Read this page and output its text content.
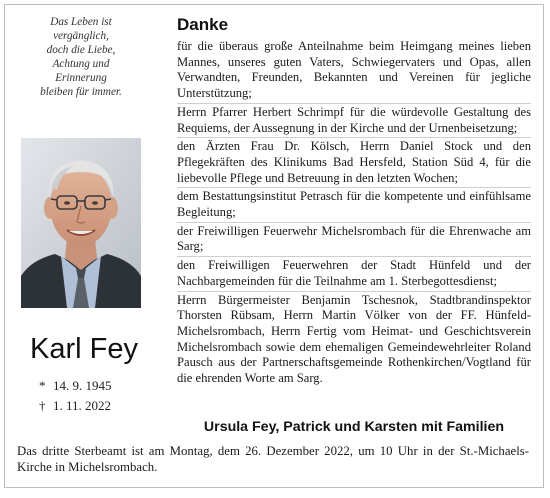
Das Leben ist
vergänglich,
doch die Liebe,
Achtung und
Erinnerung
bleiben für immer.
Karl Fey
* 14. 9. 1945
† 1. 11. 2022
Danke

für die überaus große Anteilnahme beim Heimgang meines lieben Mannes, unseres guten Vaters, Schwiegervaters und Opas, allen Verwandten, Freunden, Bekannten und Vereinen für jegliche Unterstützung;

Herrn Pfarrer Herbert Schrimpf für die würdevolle Gestaltung des Requiems, der Aussegnung in der Kirche und der Urnenbeisetzung;

den Ärzten Frau Dr. Kölsch, Herrn Daniel Stock und den Pflegekräften des Klinikums Bad Hersfeld, Station Süd 4, für die liebevolle Pflege und Betreuung in den letzten Wochen;

dem Bestattungsinstitut Petrasch für die kompetente und einfühlsame Begleitung;

der Freiwilligen Feuerwehr Michelsrombach für die Ehrenwache am Sarg;

den Freiwilligen Feuerwehren der Stadt Hünfeld und der Nachbargemeinden für die Teilnahme am 1. Sterbegottesdienst;

Herrn Bürgermeister Benjamin Tschesnok, Stadtbrandinspektor Thorsten Rübsam, Herrn Martin Völker von der FF. Hünfeld-Michelsrombach, Herrn Fertig vom Heimat- und Geschichtsverein Michelsrombach sowie dem ehemaligen Gemeindewehrleiter Roland Pausch aus der Partnerschaftsgemeinde Rothenkirchen/Vogtland für die ehrenden Worte am Sarg.

Ursula Fey, Patrick und Karsten mit Familien
Das dritte Sterbeamt ist am Montag, dem 26. Dezember 2022, um 10 Uhr in der St.-Michaels-Kirche in Michelsrombach.
